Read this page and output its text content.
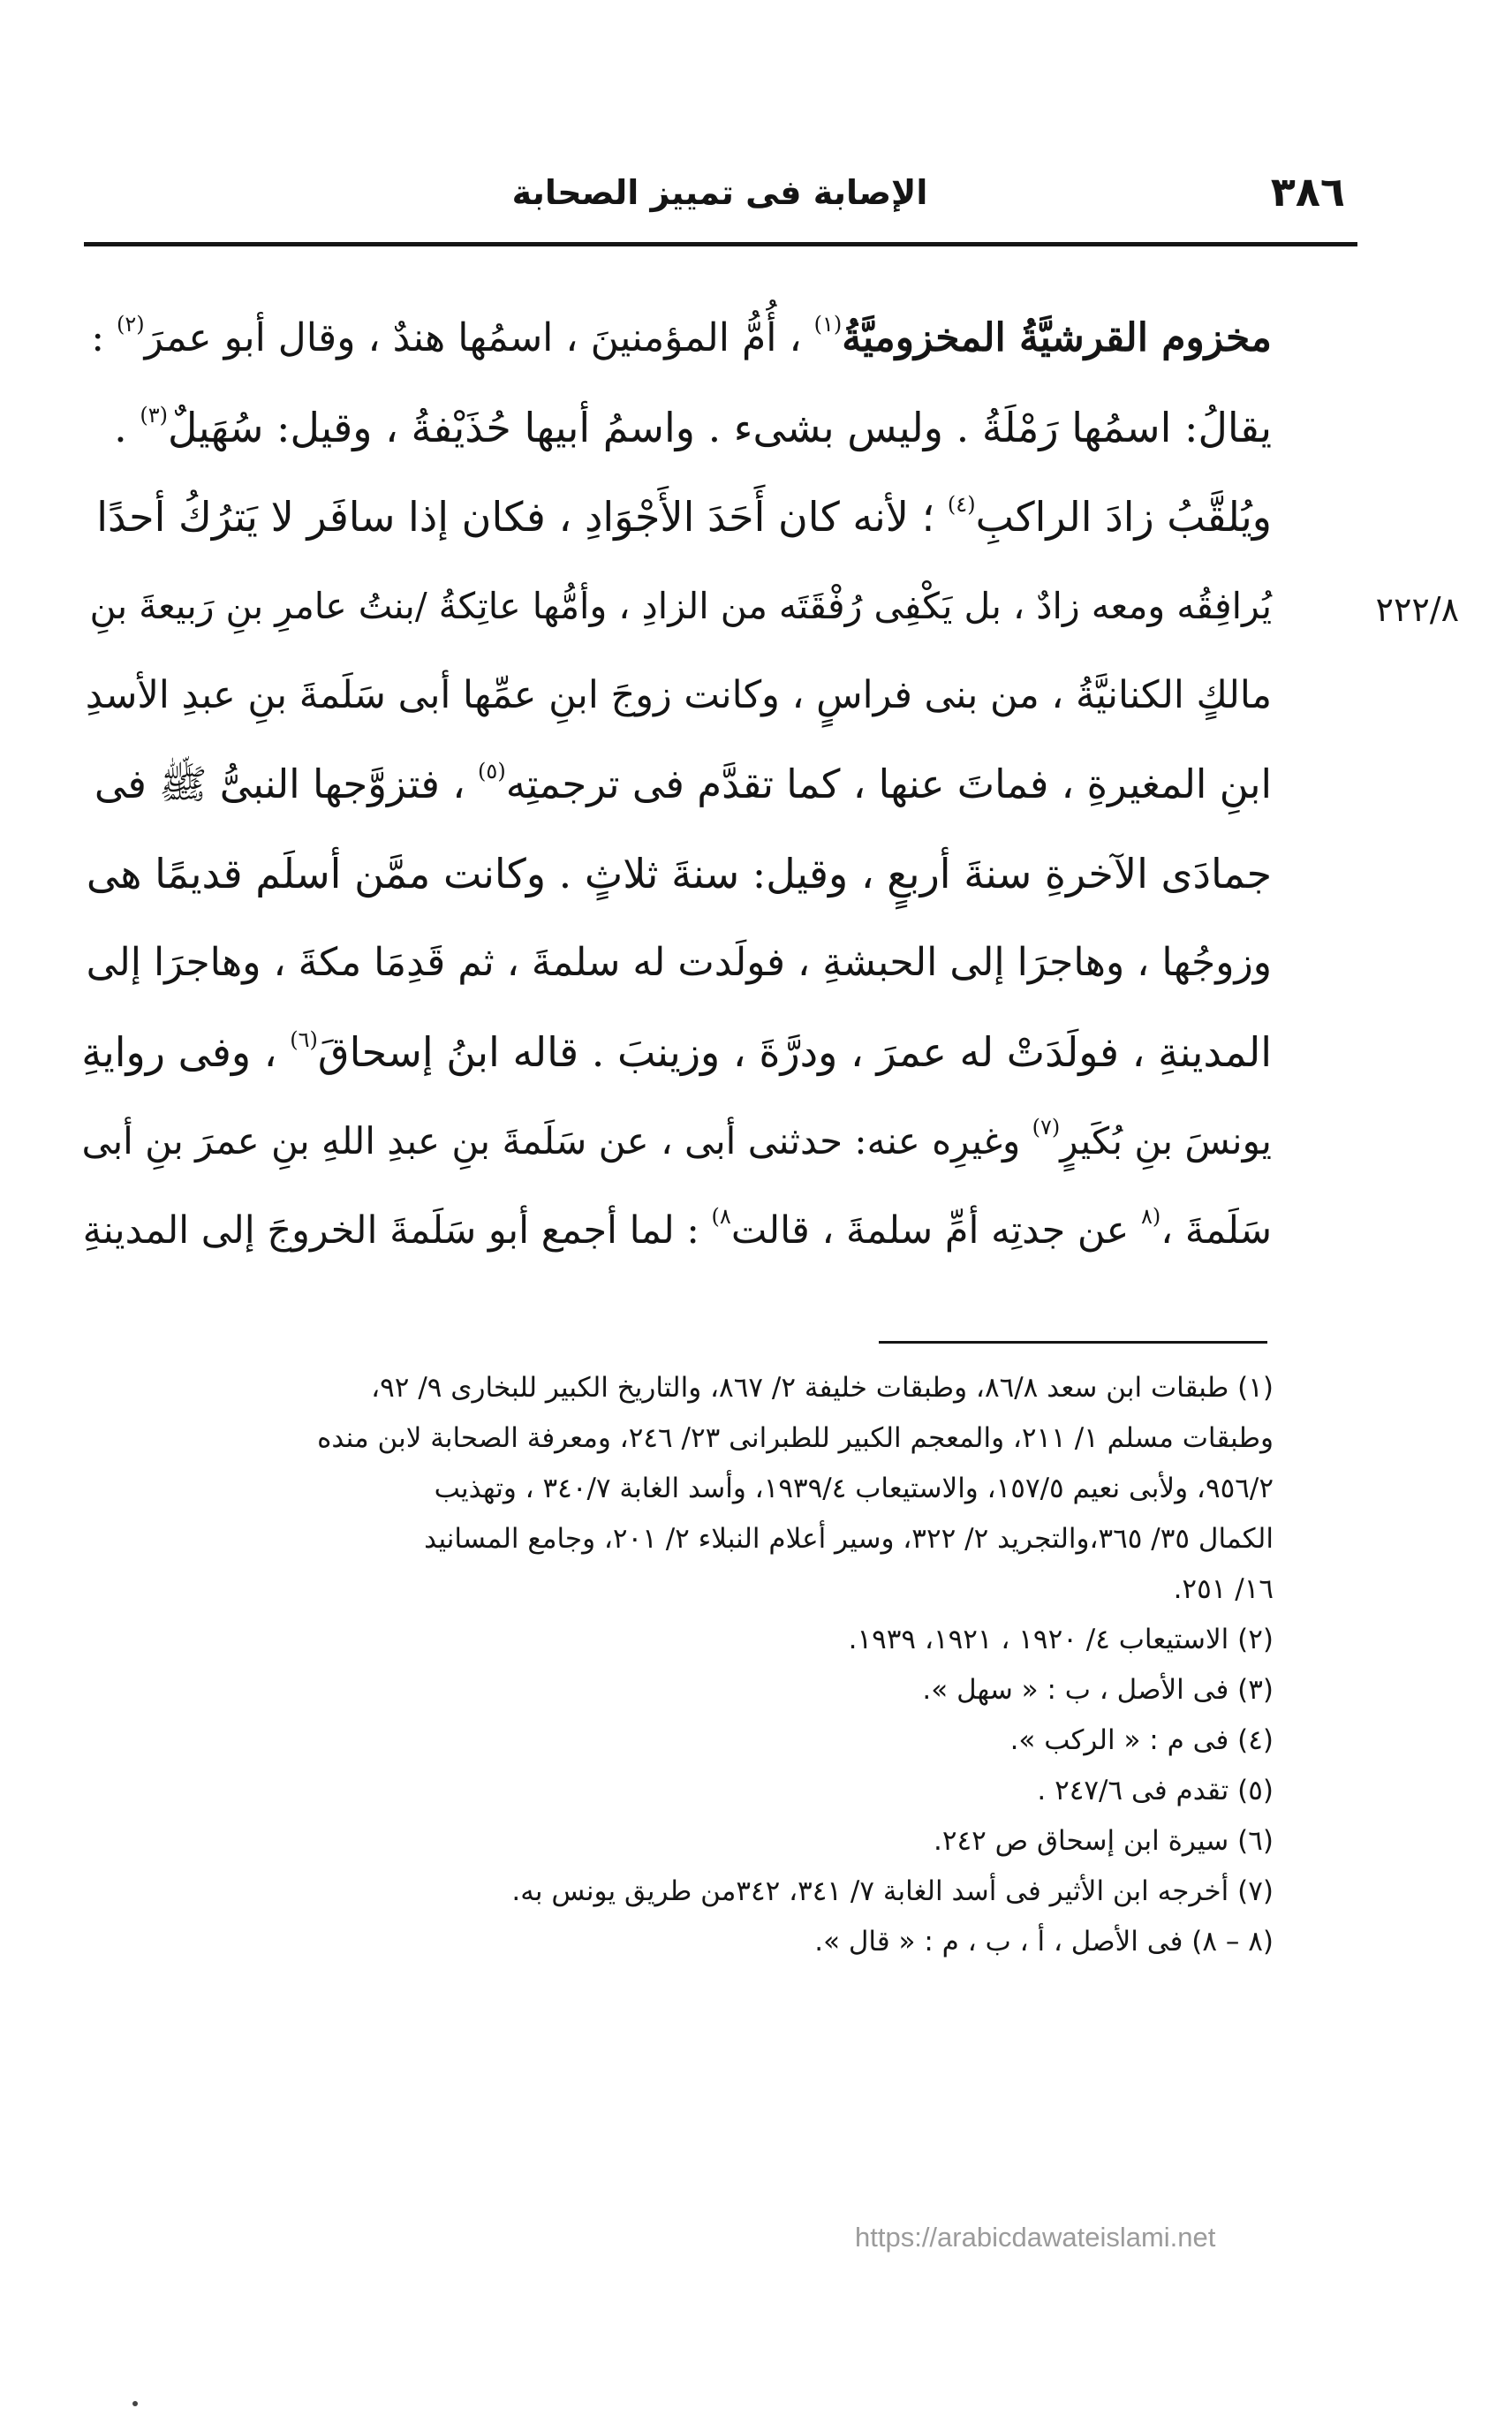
٣٨٦
الإصابة فى تمييز الصحابة
٢٢٢/٨
مخزوم القرشيَّةُ المخزوميَّةُ$^{(١)}$ ، أُمُّ المؤمنينَ ، اسمُها هندٌ ، وقال أبو عمرَ$^{(٢)}$ :
يقالُ: اسمُها رَمْلَةُ . وليس بشىء . واسمُ أبيها حُذَيْفةُ ، وقيل: سُهَيلٌ$^{(٣)}$ .
ويُلقَّبُ زادَ الراكبِ$^{(٤)}$ ؛ لأنه كان أَحَدَ الأَجْوَادِ ، فكان إذا سافَر لا يَترُكُ أحدًا
يُرافِقُه ومعه زادٌ ، بل يَكْفِى رُفْقَتَه من الزادِ ، وأمُّها عاتِكةُ /بنتُ عامرِ بنِ رَبيعةَ بنِ
مالكٍ الكنانيَّةُ ، من بنى فراسٍ ، وكانت زوجَ ابنِ عمِّها أبى سَلَمةَ بنِ عبدِ الأسدِ
ابنِ المغيرةِ ، فماتَ عنها ، كما تقدَّم فى ترجمتِه$^{(٥)}$ ، فتزوَّجها النبىُّ ﷺ فى
جمادَى الآخرةِ سنةَ أربعٍ ، وقيل: سنةَ ثلاثٍ . وكانت ممَّن أسلَم قديمًا هى
وزوجُها ، وهاجرَا إلى الحبشةِ ، فولَدت له سلمةَ ، ثم قَدِمَا مكةَ ، وهاجرَا إلى
المدينةِ ، فولَدَتْ له عمرَ ، ودرَّةَ ، وزينبَ . قاله ابنُ إسحاقَ$^{(٦)}$ ، وفى روايةِ
يونسَ بنِ بُكَيرٍ$^{(٧)}$ وغيرِه عنه: حدثنى أبى ، عن سَلَمةَ بنِ عبدِ اللهِ بنِ عمرَ بنِ أبى
سَلَمةَ ،$^{(٨}$ عن جدتِه أمِّ سلمةَ ، قالت$^{٨)}$ : لما أجمع أبو سَلَمةَ الخروجَ إلى المدينةِ
(١) طبقات ابن سعد ٨٦/٨، وطبقات خليفة ٢/ ٨٦٧، والتاريخ الكبير للبخارى ٩/ ٩٢،
وطبقات مسلم ١/ ٢١١، والمعجم الكبير للطبرانى ٢٣/ ٢٤٦، ومعرفة الصحابة لابن منده
٩٥٦/٢، ولأبى نعيم ١٥٧/٥، والاستيعاب ١٩٣٩/٤، وأسد الغابة ٣٤٠/٧ ، وتهذيب
الكمال ٣٥/ ٣٦٥،والتجريد ٢/ ٣٢٢، وسير أعلام النبلاء ٢/ ٢٠١، وجامع المسانيد
١٦/ ٢٥١.
(٢) الاستيعاب ٤/ ١٩٢٠ ، ١٩٢١، ١٩٣٩.
(٣) فى الأصل ، ب : « سهل ».
(٤) فى م : « الركب ».
(٥) تقدم فى ٢٤٧/٦ .
(٦) سيرة ابن إسحاق ص ٢٤٢.
(٧) أخرجه ابن الأثير فى أسد الغابة ٧/ ٣٤١، ٣٤٢من طريق يونس به.
(٨ – ٨) فى الأصل ، أ ، ب ، م : « قال ».
https://arabicdawateislami.net
